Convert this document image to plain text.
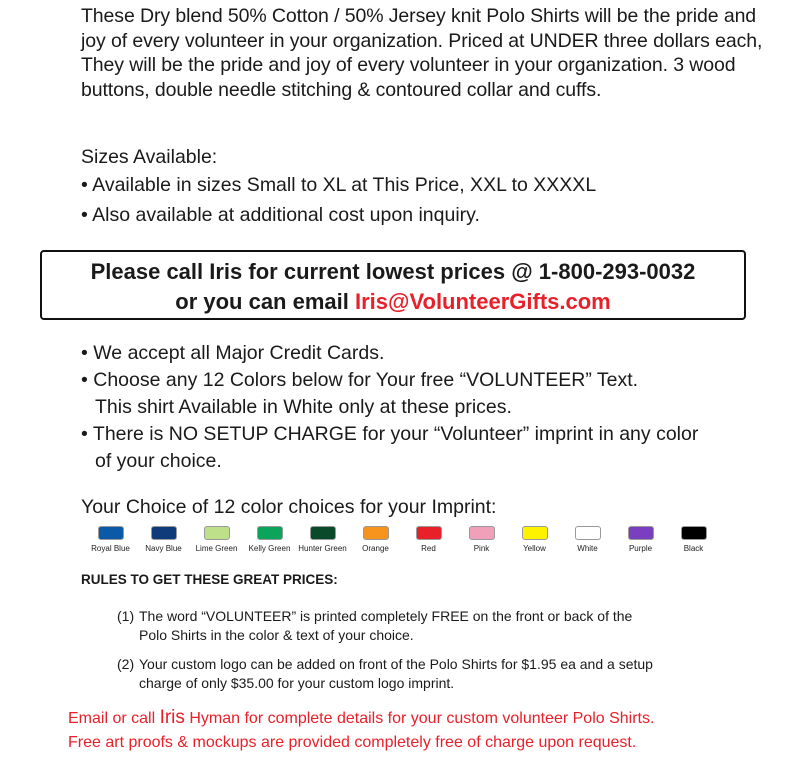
These Dry blend 50% Cotton / 50% Jersey knit Polo Shirts will be the pride and joy of every volunteer in your organization. Priced at UNDER three dollars each, They will be the pride and joy of every volunteer in your organization. 3 wood buttons, double needle stitching & contoured collar and cuffs.
Sizes Available:
• Available in sizes Small to XL at This Price, XXL to XXXXL
• Also available at additional cost upon inquiry.
Please call Iris for current lowest prices @ 1-800-293-0032
or you can email Iris@VolunteerGifts.com
• We accept all Major Credit Cards.
• Choose any 12 Colors below for Your free “VOLUNTEER” Text.
This shirt Available in White only at these prices.
• There is NO SETUP CHARGE for your “Volunteer” imprint in any color
of your choice.
Your Choice of 12 color choices for your Imprint:
Royal Blue Navy Blue Lime Green Kelly Green Hunter Green Orange	Red	Pink	Yellow	White	Purple	Black
RULES TO GET THESE GREAT PRICES:
(1) The word “VOLUNTEER” is printed completely FREE on the front or back of the
Polo Shirts in the color & text of your choice.
(2) Your custom logo can be added on front of the Polo Shirts for $1.95 ea and a setup
charge of only $35.00 for your custom logo imprint.
Email or call Iris Hyman for complete details for your custom volunteer Polo Shirts.
Free art proofs & mockups are provided completely free of charge upon request.
